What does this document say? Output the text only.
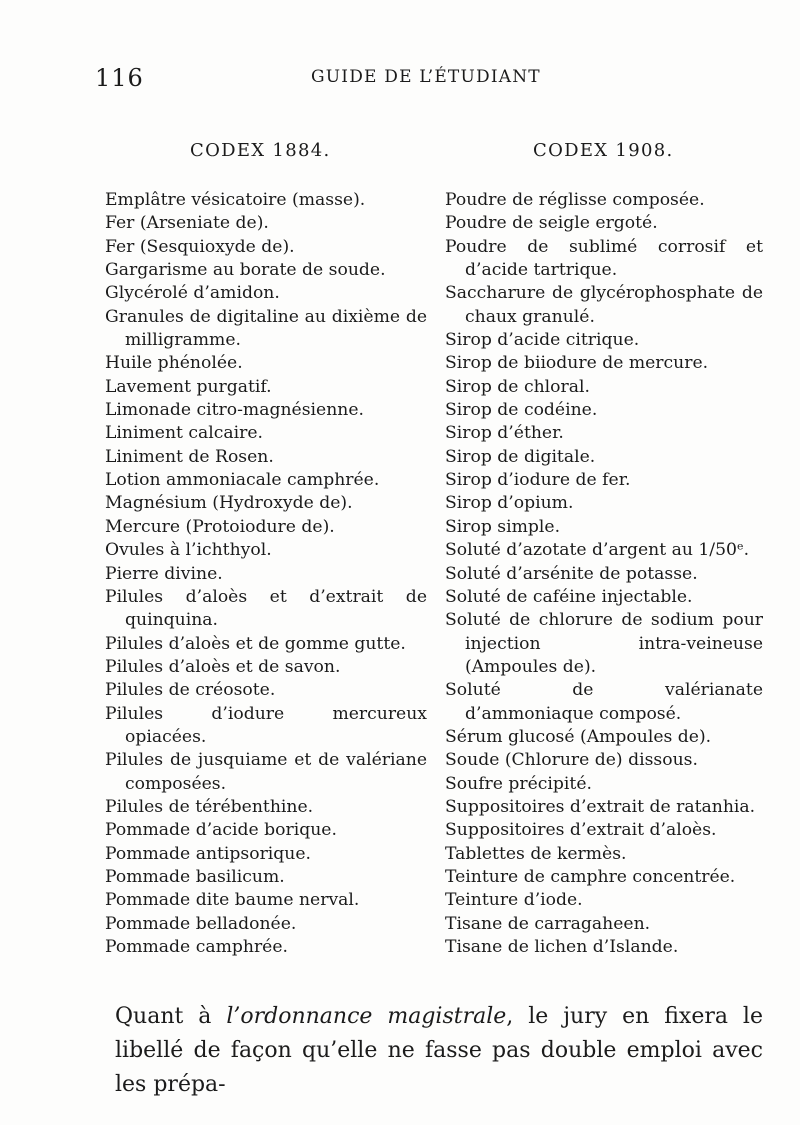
116	GUIDE DE L’ÉTUDIANT
CODEX 1884.	CODEX 1908.
Emplâtre vésicatoire (masse).
Fer (Arseniate de).
Fer (Sesquioxyde de).
Gargarisme au borate de soude.
Glycérolé d’amidon.
Granules de digitaline au dixième de milligramme.
Huile phénolée.
Lavement purgatif.
Limonade citro-magnésienne.
Liniment calcaire.
Liniment de Rosen.
Lotion ammoniacale camphrée.
Magnésium (Hydroxyde de).
Mercure (Protoiodure de).
Ovules à l’ichthyol.
Pierre divine.
Pilules d’aloès et d’extrait de quinquina.
Pilules d’aloès et de gomme gutte.
Pilules d’aloès et de savon.
Pilules de créosote.
Pilules d’iodure mercureux opiacées.
Pilules de jusquiame et de valériane composées.
Pilules de térébenthine.
Pommade d’acide borique.
Pommade antipsorique.
Pommade basilicum.
Pommade dite baume nerval.
Pommade belladonée.
Pommade camphrée.
Poudre de réglisse composée.
Poudre de seigle ergoté.
Poudre de sublimé corrosif et d’acide tartrique.
Saccharure de glycérophosphate de chaux granulé.
Sirop d’acide citrique.
Sirop de biiodure de mercure.
Sirop de chloral.
Sirop de codéine.
Sirop d’éther.
Sirop de digitale.
Sirop d’iodure de fer.
Sirop d’opium.
Sirop simple.
Soluté d’azotate d’argent au 1/50ᵉ.
Soluté d’arsénite de potasse.
Soluté de caféine injectable.
Soluté de chlorure de sodium pour injection intra-veineuse (Ampoules de).
Soluté de valérianate d’ammoniaque composé.
Sérum glucosé (Ampoules de).
Soude (Chlorure de) dissous.
Soufre précipité.
Suppositoires d’extrait de ratanhia.
Suppositoires d’extrait d’aloès.
Tablettes de kermès.
Teinture de camphre concentrée.
Teinture d’iode.
Tisane de carragaheen.
Tisane de lichen d’Islande.

Quant à l’ordonnance magistrale, le jury en fixera le libellé de façon qu’elle ne fasse pas double emploi avec les prépa-
